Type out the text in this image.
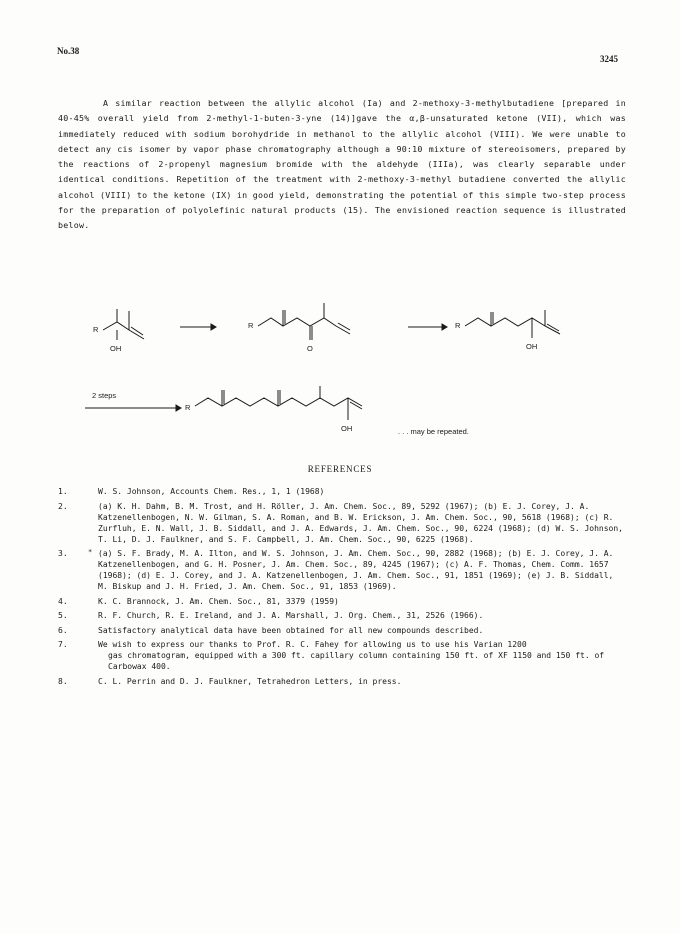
No.38
3245

A similar reaction between the allylic alcohol (Ia) and 2-methoxy-3-methylbutadiene [prepared in 40-45% overall yield from 2-methyl-1-buten-3-yne (14)]gave the α,β-unsaturated ketone (VII), which was immediately reduced with sodium borohydride in methanol to the allylic alcohol (VIII). We were unable to detect any cis isomer by vapor phase chromatography although a 90:10 mixture of stereoisomers, prepared by the reactions of 2-propenyl magnesium bromide with the aldehyde (IIIa), was clearly separable under identical conditions. Repetition of the treatment with 2-methoxy-3-methyl butadiene converted the allylic alcohol (VIII) to the ketone (IX) in good yield, demonstrating the potential of this simple two-step process for the preparation of polyolefinic natural products (15). The envisioned reaction sequence is illustrated below.

R
OH
R
O
R
OH
2 steps
R
OH	. . . may be repeated.
REFERENCES
1.	W. S. Johnson, Accounts Chem. Res., 1, 1 (1968)
2.	(a) K. H. Dahm, B. M. Trost, and H. Röller, J. Am. Chem. Soc., 89, 5292 (1967); (b) E. J. Corey, J. A. Katzenellenbogen, N. W. Gilman, S. A. Roman, and B. W. Erickson, J. Am. Chem. Soc., 90, 5618 (1968); (c) R. Zurfluh, E. N. Wall, J. B. Siddall, and J. A. Edwards, J. Am. Chem. Soc., 90, 6224 (1968); (d) W. S. Johnson, T. Li, D. J. Faulkner, and S. F. Campbell, J. Am. Chem. Soc., 90, 6225 (1968).
3.	* (a) S. F. Brady, M. A. Ilton, and W. S. Johnson, J. Am. Chem. Soc., 90, 2882 (1968); (b) E. J. Corey, J. A. Katzenellenbogen, and G. H. Posner, J. Am. Chem. Soc., 89, 4245 (1967); (c) A. F. Thomas, Chem. Comm. 1657 (1968); (d) E. J. Corey, and J. A. Katzenellenbogen, J. Am. Chem. Soc., 91, 1851 (1969); (e) J. B. Siddall, M. Biskup and J. H. Fried, J. Am. Chem. Soc., 91, 1853 (1969).
4.	K. C. Brannock, J. Am. Chem. Soc., 81, 3379 (1959)
5.	R. F. Church, R. E. Ireland, and J. A. Marshall, J. Org. Chem., 31, 2526 (1966).
6.	Satisfactory analytical data have been obtained for all new compounds described.
7.	We wish to express our thanks to Prof. R. C. Fahey for allowing us to use his Varian 1200
gas chromatogram, equipped with a 300 ft. capillary column containing 150 ft. of XF 1150 and 150 ft. of Carbowax 400.
8.	C. L. Perrin and D. J. Faulkner, Tetrahedron Letters, in press.
